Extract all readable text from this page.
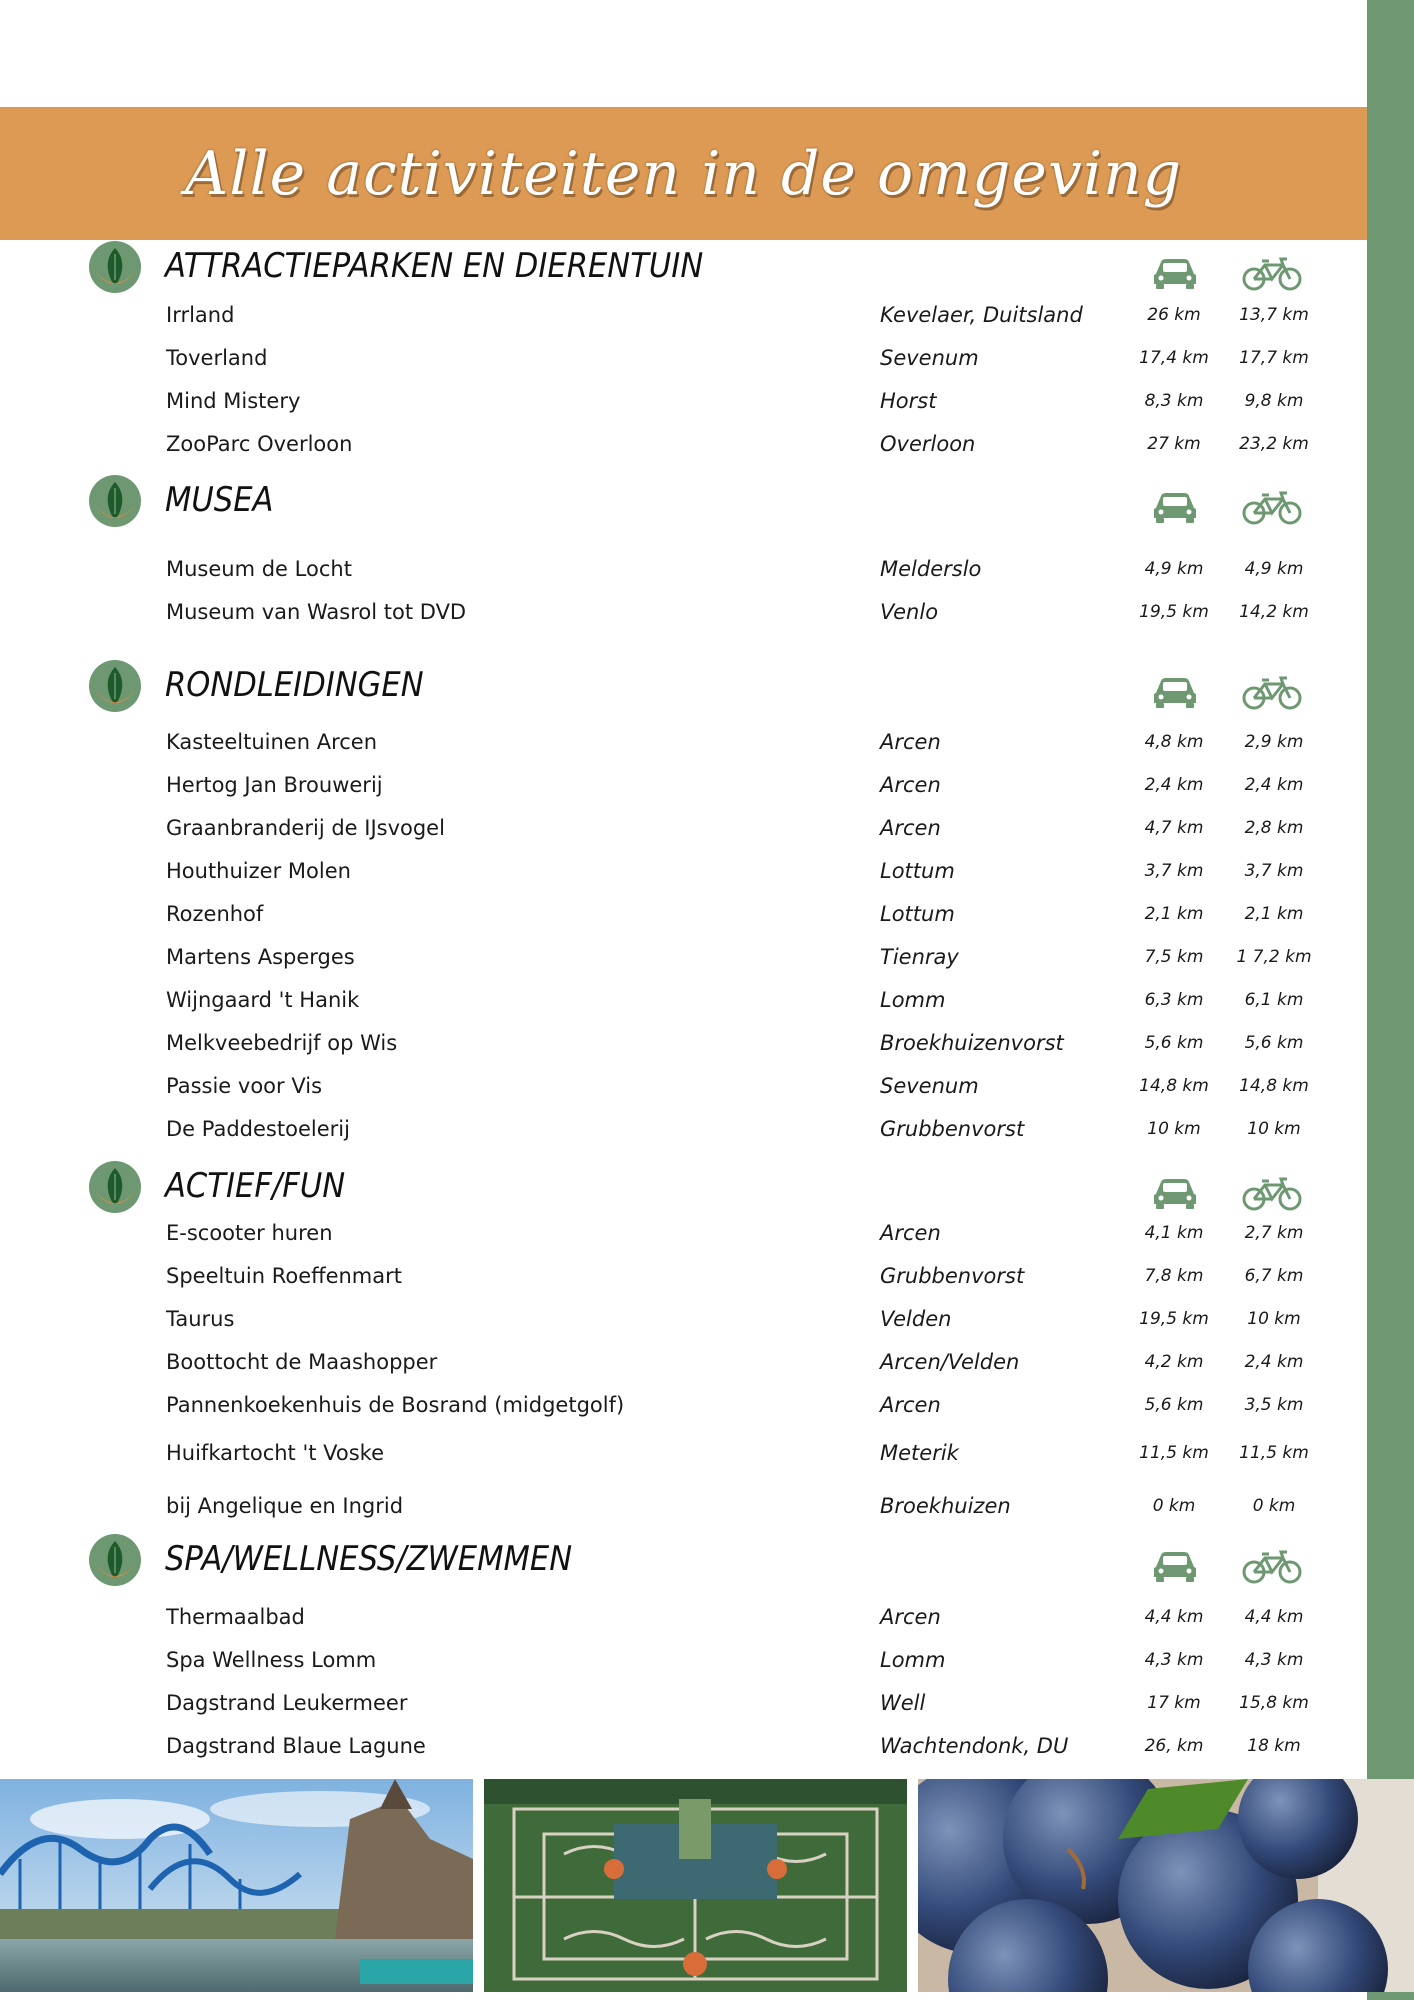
Alle activiteiten in de omgeving
ATTRACTIEPARKEN EN DIERENTUIN
Irrland	Kevelaer, Duitsland	26 km	13,7 km
Toverland	Sevenum	17,4 km 17,7 km
Mind Mistery	Horst	8,3 km	9,8 km
ZooParc Overloon	Overloon	27 km	23,2 km
MUSEA
Museum de Locht	Melderslo	4,9 km	4,9 km
Museum van Wasrol tot DVD	Venlo	19,5 km 14,2 km
RONDLEIDINGEN
Kasteeltuinen Arcen	Arcen	4,8 km	2,9 km
Hertog Jan Brouwerij	Arcen	2,4 km	2,4 km
Graanbranderij de IJsvogel	Arcen	4,7 km	2,8 km
Houthuizer Molen	Lottum	3,7 km	3,7 km
Rozenhof	Lottum	2,1 km	2,1 km
Martens Asperges	Tienray	7,5 km	1 7,2 km
Wijngaard 't Hanik	Lomm	6,3 km	6,1 km
Melkveebedrijf op Wis	Broekhuizenvorst	5,6 km	5,6 km
Passie voor Vis	Sevenum	14,8 km 14,8 km
De Paddestoelerij	Grubbenvorst	10 km	10 km
ACTIEF/FUN
E-scooter huren	Arcen	4,1 km	2,7 km
Speeltuin Roeffenmart	Grubbenvorst	7,8 km	6,7 km
Taurus	Velden	19,5 km	10 km
Boottocht de Maashopper	Arcen/Velden	4,2 km	2,4 km
Pannenkoekenhuis de Bosrand (midgetgolf)	Arcen	5,6 km	3,5 km
Huifkartocht 't Voske	Meterik	11,5 km 11,5 km
bij Angelique en Ingrid	Broekhuizen	0 km	0 km
SPA/WELLNESS/ZWEMMEN
Thermaalbad	Arcen	4,4 km	4,4 km
Spa Wellness Lomm	Lomm	4,3 km	4,3 km
Dagstrand Leukermeer	Well	17 km	15,8 km
Dagstrand Blaue Lagune	Wachtendonk, DU	26, km	18 km
